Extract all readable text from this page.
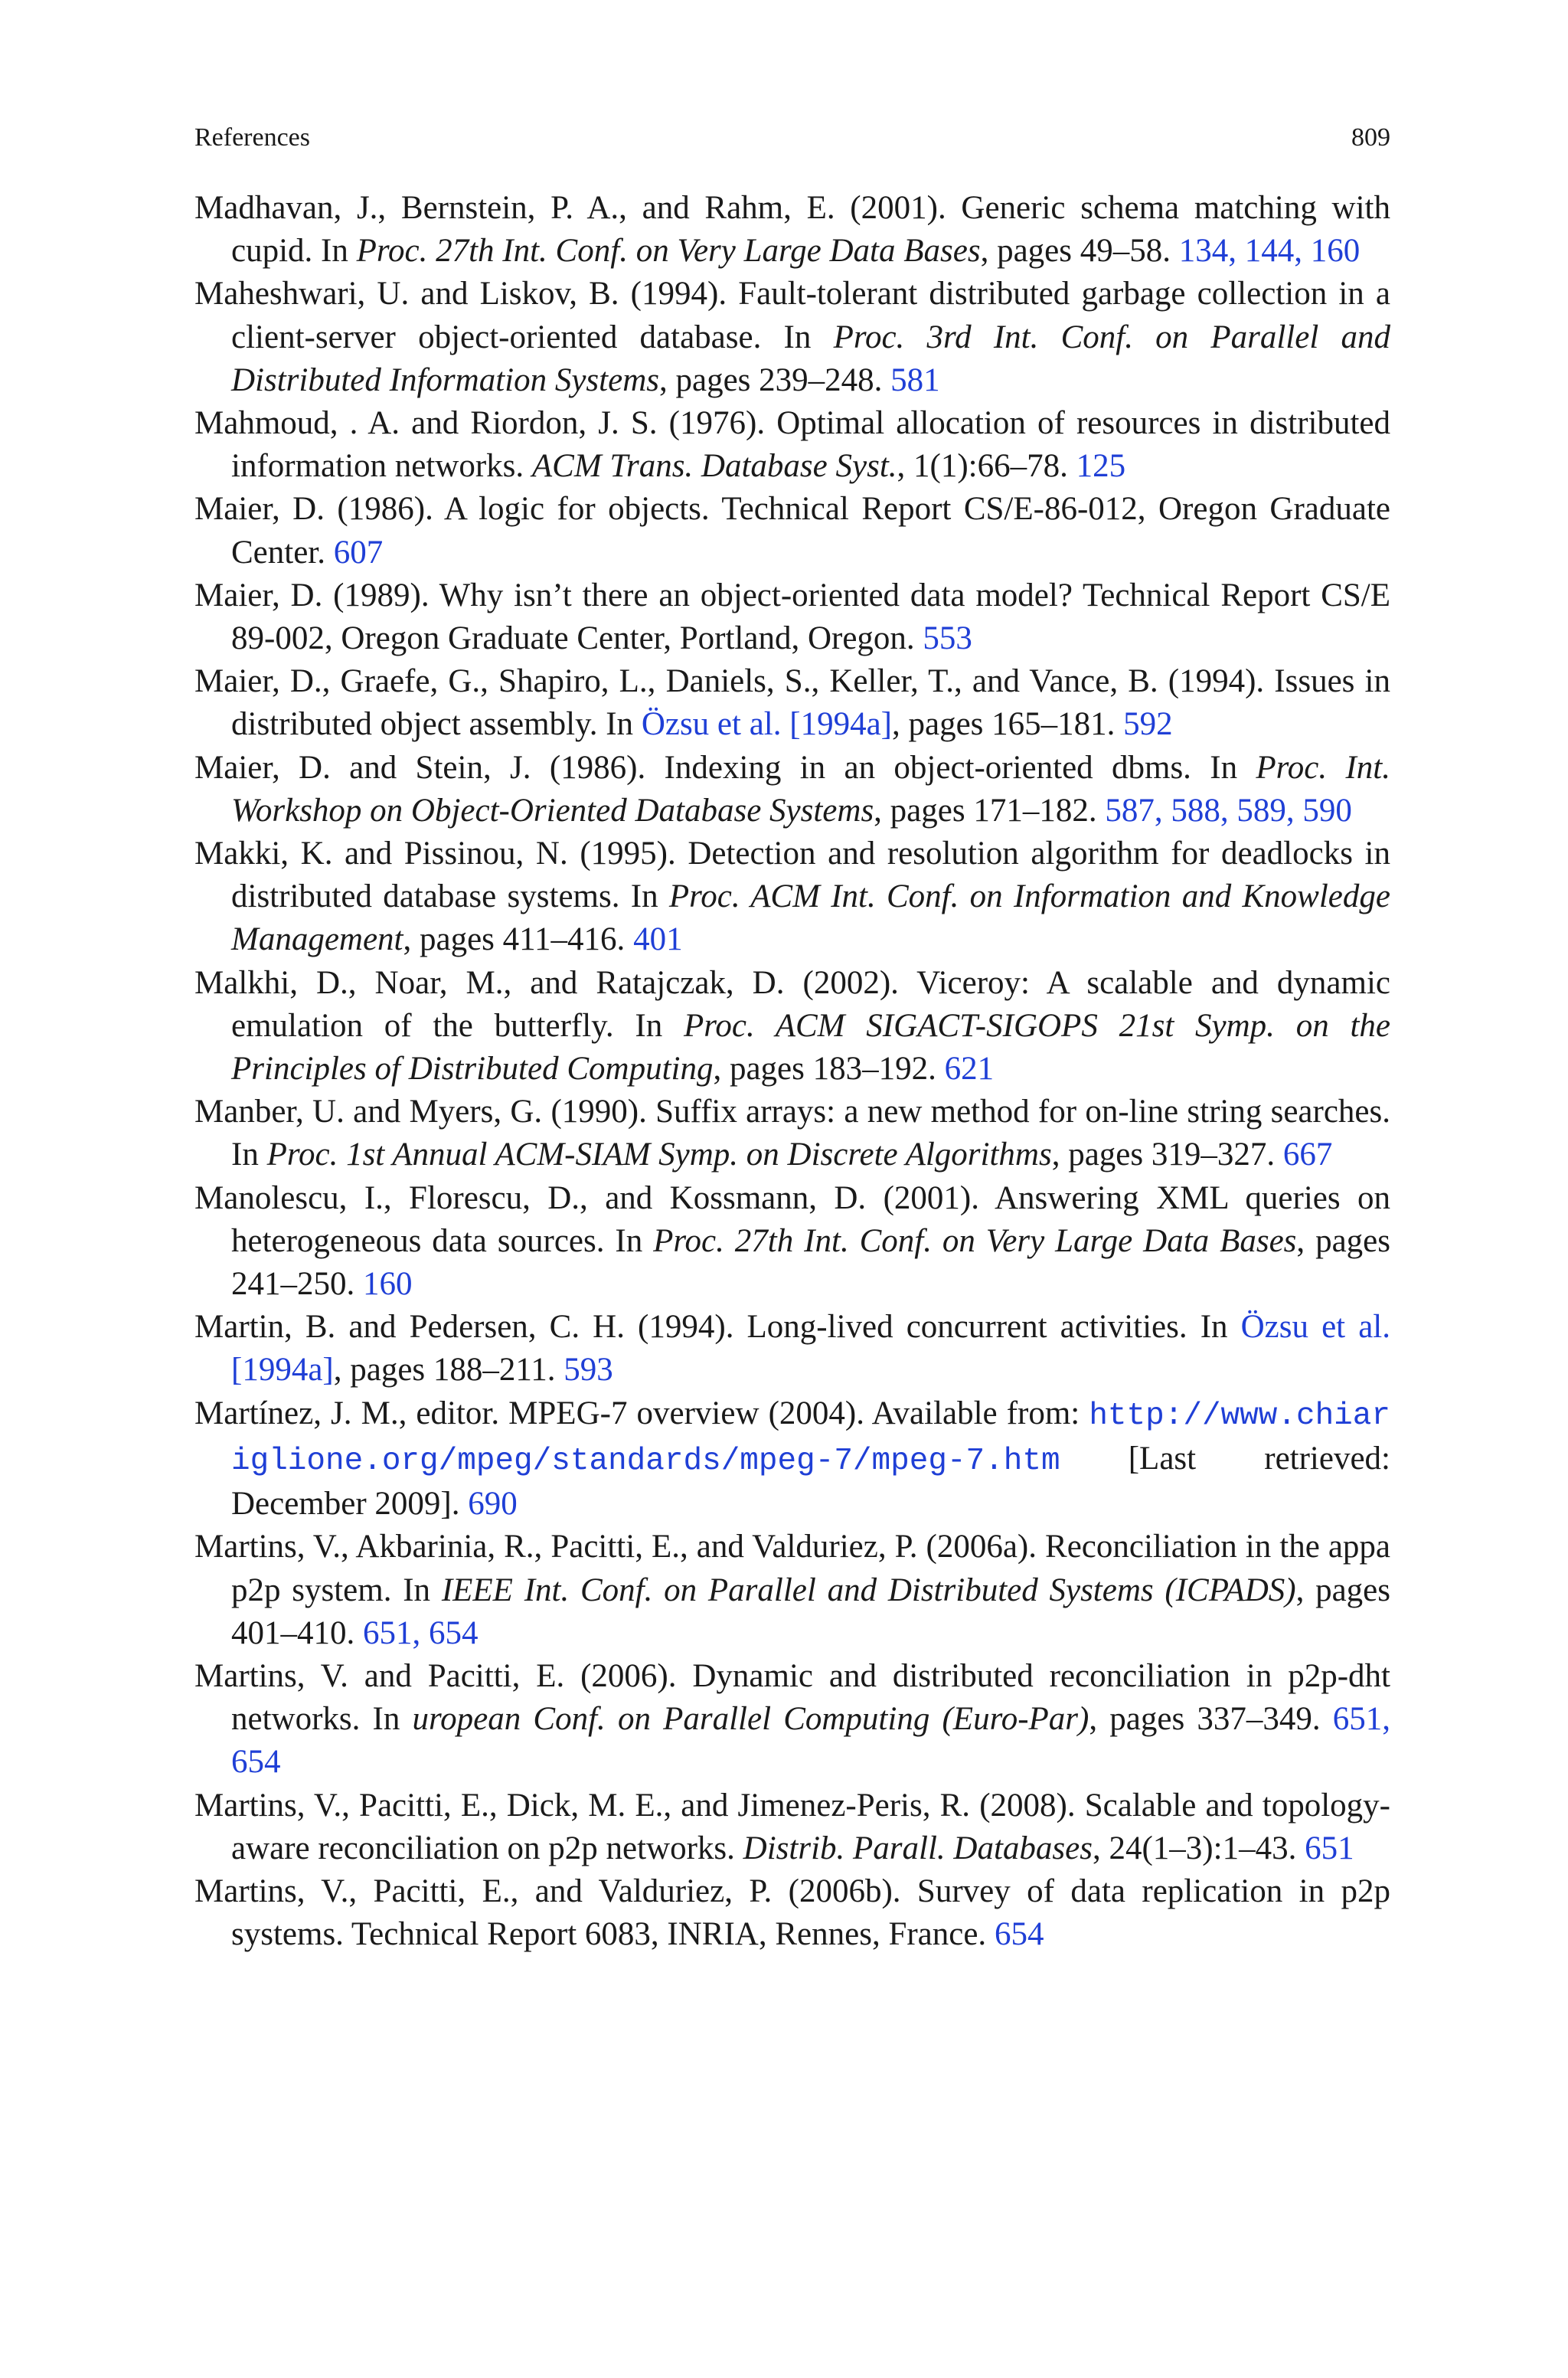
References	809
Madhavan, J., Bernstein, P. A., and Rahm, E. (2001). Generic schema matching with cupid. In Proc. 27th Int. Conf. on Very Large Data Bases, pages 49–58. 134, 144, 160
Maheshwari, U. and Liskov, B. (1994). Fault-tolerant distributed garbage collection in a client-server object-oriented database. In Proc. 3rd Int. Conf. on Parallel and Distributed Information Systems, pages 239–248. 581
Mahmoud, . A. and Riordon, J. S. (1976). Optimal allocation of resources in distributed information networks. ACM Trans. Database Syst., 1(1):66–78. 125
Maier, D. (1986). A logic for objects. Technical Report CS/E-86-012, Oregon Graduate Center. 607
Maier, D. (1989). Why isn’t there an object-oriented data model? Technical Report CS/E 89-002, Oregon Graduate Center, Portland, Oregon. 553
Maier, D., Graefe, G., Shapiro, L., Daniels, S., Keller, T., and Vance, B. (1994). Issues in distributed object assembly. In Özsu et al. [1994a], pages 165–181. 592
Maier, D. and Stein, J. (1986). Indexing in an object-oriented dbms. In Proc. Int. Workshop on Object-Oriented Database Systems, pages 171–182. 587, 588, 589, 590
Makki, K. and Pissinou, N. (1995). Detection and resolution algorithm for deadlocks in distributed database systems. In Proc. ACM Int. Conf. on Information and Knowledge Management, pages 411–416. 401
Malkhi, D., Noar, M., and Ratajczak, D. (2002). Viceroy: A scalable and dynamic emulation of the butterfly. In Proc. ACM SIGACT-SIGOPS 21st Symp. on the Principles of Distributed Computing, pages 183–192. 621
Manber, U. and Myers, G. (1990). Suffix arrays: a new method for on-line string searches. In Proc. 1st Annual ACM-SIAM Symp. on Discrete Algorithms, pages 319–327. 667
Manolescu, I., Florescu, D., and Kossmann, D. (2001). Answering XML queries on heterogeneous data sources. In Proc. 27th Int. Conf. on Very Large Data Bases, pages 241–250. 160
Martin, B. and Pedersen, C. H. (1994). Long-lived concurrent activities. In Özsu et al. [1994a], pages 188–211. 593
Martínez, J. M., editor. MPEG-7 overview (2004). Available from: http://www.chiariglione.org/mpeg/standards/mpeg-7/mpeg-7.htm [Last retrieved: December 2009]. 690
Martins, V., Akbarinia, R., Pacitti, E., and Valduriez, P. (2006a). Reconciliation in the appa p2p system. In IEEE Int. Conf. on Parallel and Distributed Systems (ICPADS), pages 401–410. 651, 654
Martins, V. and Pacitti, E. (2006). Dynamic and distributed reconciliation in p2p-dht networks. In uropean Conf. on Parallel Computing (Euro-Par), pages 337–349. 651, 654
Martins, V., Pacitti, E., Dick, M. E., and Jimenez-Peris, R. (2008). Scalable and topology-aware reconciliation on p2p networks. Distrib. Parall. Databases, 24(1–3):1–43. 651
Martins, V., Pacitti, E., and Valduriez, P. (2006b). Survey of data replication in p2p systems. Technical Report 6083, INRIA, Rennes, France. 654
